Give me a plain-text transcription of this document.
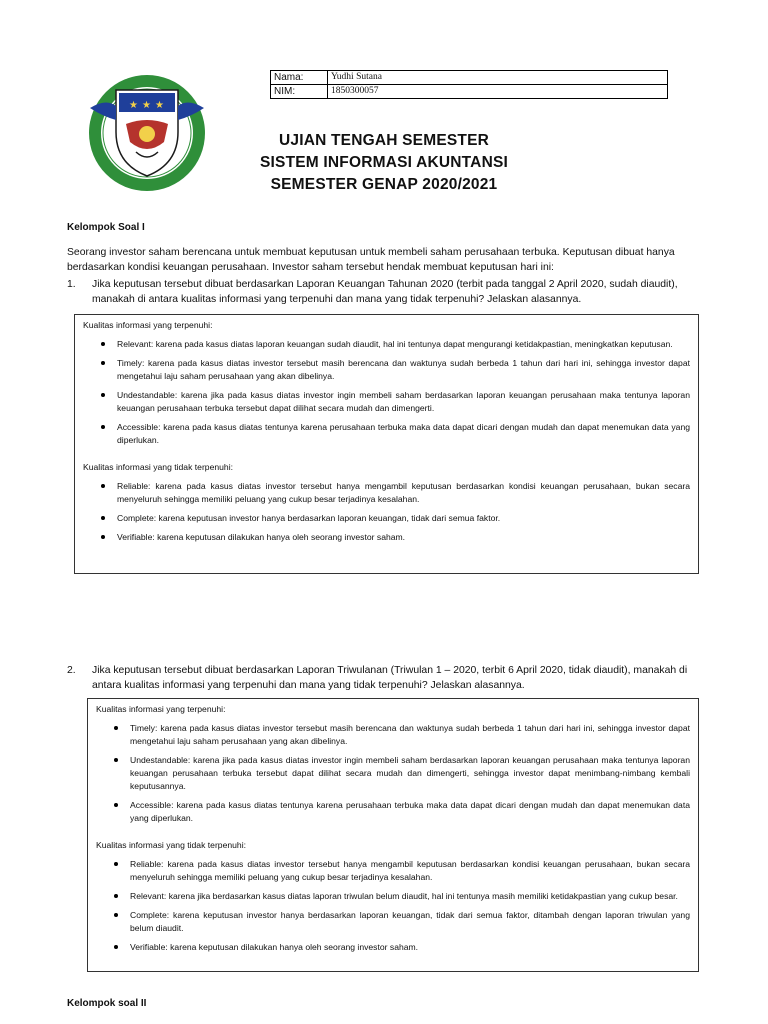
★ ★ ★
Nama:	Yudhi Sutana
NIM:	1850300057
UJIAN TENGAH SEMESTER
SISTEM INFORMASI AKUNTANSI
SEMESTER GENAP 2020/2021
Kelompok Soal I
Seorang investor saham berencana untuk membuat keputusan untuk membeli saham perusahaan terbuka. Keputusan dibuat hanya berdasarkan kondisi keuangan perusahaan. Investor saham tersebut hendak membuat keputusan hari ini:
1. Jika keputusan tersebut dibuat berdasarkan Laporan Keuangan Tahunan 2020 (terbit pada tanggal 2 April 2020, sudah diaudit), manakah di antara kualitas informasi yang terpenuhi dan mana yang tidak terpenuhi? Jelaskan alasannya.
Kualitas informasi yang terpenuhi:
Relevant: karena pada kasus diatas laporan keuangan sudah diaudit, hal ini tentunya dapat mengurangi ketidakpastian, meningkatkan keputusan.
Timely: karena pada kasus diatas investor tersebut masih berencana dan waktunya sudah berbeda 1 tahun dari hari ini, sehingga investor dapat mengetahui laju saham perusahaan yang akan dibelinya.
Undestandable: karena jika pada kasus diatas investor ingin membeli saham berdasarkan laporan keuangan perusahaan maka tentunya laporan keuangan perusahaan terbuka tersebut dapat dilihat secara mudah dan dimengerti.
Accessible: karena pada kasus diatas tentunya karena perusahaan terbuka maka data dapat dicari dengan mudah dan dapat menemukan data yang diperlukan.
Kualitas informasi yang tidak terpenuhi:
Reliable: karena pada kasus diatas investor tersebut hanya mengambil keputusan berdasarkan kondisi keuangan perusahaan, bukan secara menyeluruh sehingga memiliki peluang yang cukup besar terjadinya kesalahan.
Complete: karena keputusan investor hanya berdasarkan laporan keuangan, tidak dari semua faktor.
Verifiable: karena keputusan dilakukan hanya oleh seorang investor saham.
2. Jika keputusan tersebut dibuat berdasarkan Laporan Triwulanan (Triwulan 1 – 2020, terbit 6 April 2020, tidak diaudit), manakah di antara kualitas informasi yang terpenuhi dan mana yang tidak terpenuhi? Jelaskan alasannya.
Kualitas informasi yang terpenuhi:
Timely: karena pada kasus diatas investor tersebut masih berencana dan waktunya sudah berbeda 1 tahun dari hari ini, sehingga investor dapat mengetahui laju saham perusahaan yang akan dibelinya.
Undestandable: karena jika pada kasus diatas investor ingin membeli saham berdasarkan laporan keuangan perusahaan maka tentunya laporan keuangan perusahaan terbuka tersebut dapat dilihat secara mudah dan dimengerti, sehingga investor dapat menimbang-nimbang kembali keputusannya.
Accessible: karena pada kasus diatas tentunya karena perusahaan terbuka maka data dapat dicari dengan mudah dan dapat menemukan data yang diperlukan.
Kualitas informasi yang tidak terpenuhi:
Reliable: karena pada kasus diatas investor tersebut hanya mengambil keputusan berdasarkan kondisi keuangan perusahaan, bukan secara menyeluruh sehingga memiliki peluang yang cukup besar terjadinya kesalahan.
Relevant: karena jika berdasarkan kasus diatas laporan triwulan belum diaudit, hal ini tentunya masih memiliki ketidakpastian yang cukup besar.
Complete: karena keputusan investor hanya berdasarkan laporan keuangan, tidak dari semua faktor, ditambah dengan laporan triwulan yang belum diaudit.
Verifiable: karena keputusan dilakukan hanya oleh seorang investor saham.
Kelompok soal II
